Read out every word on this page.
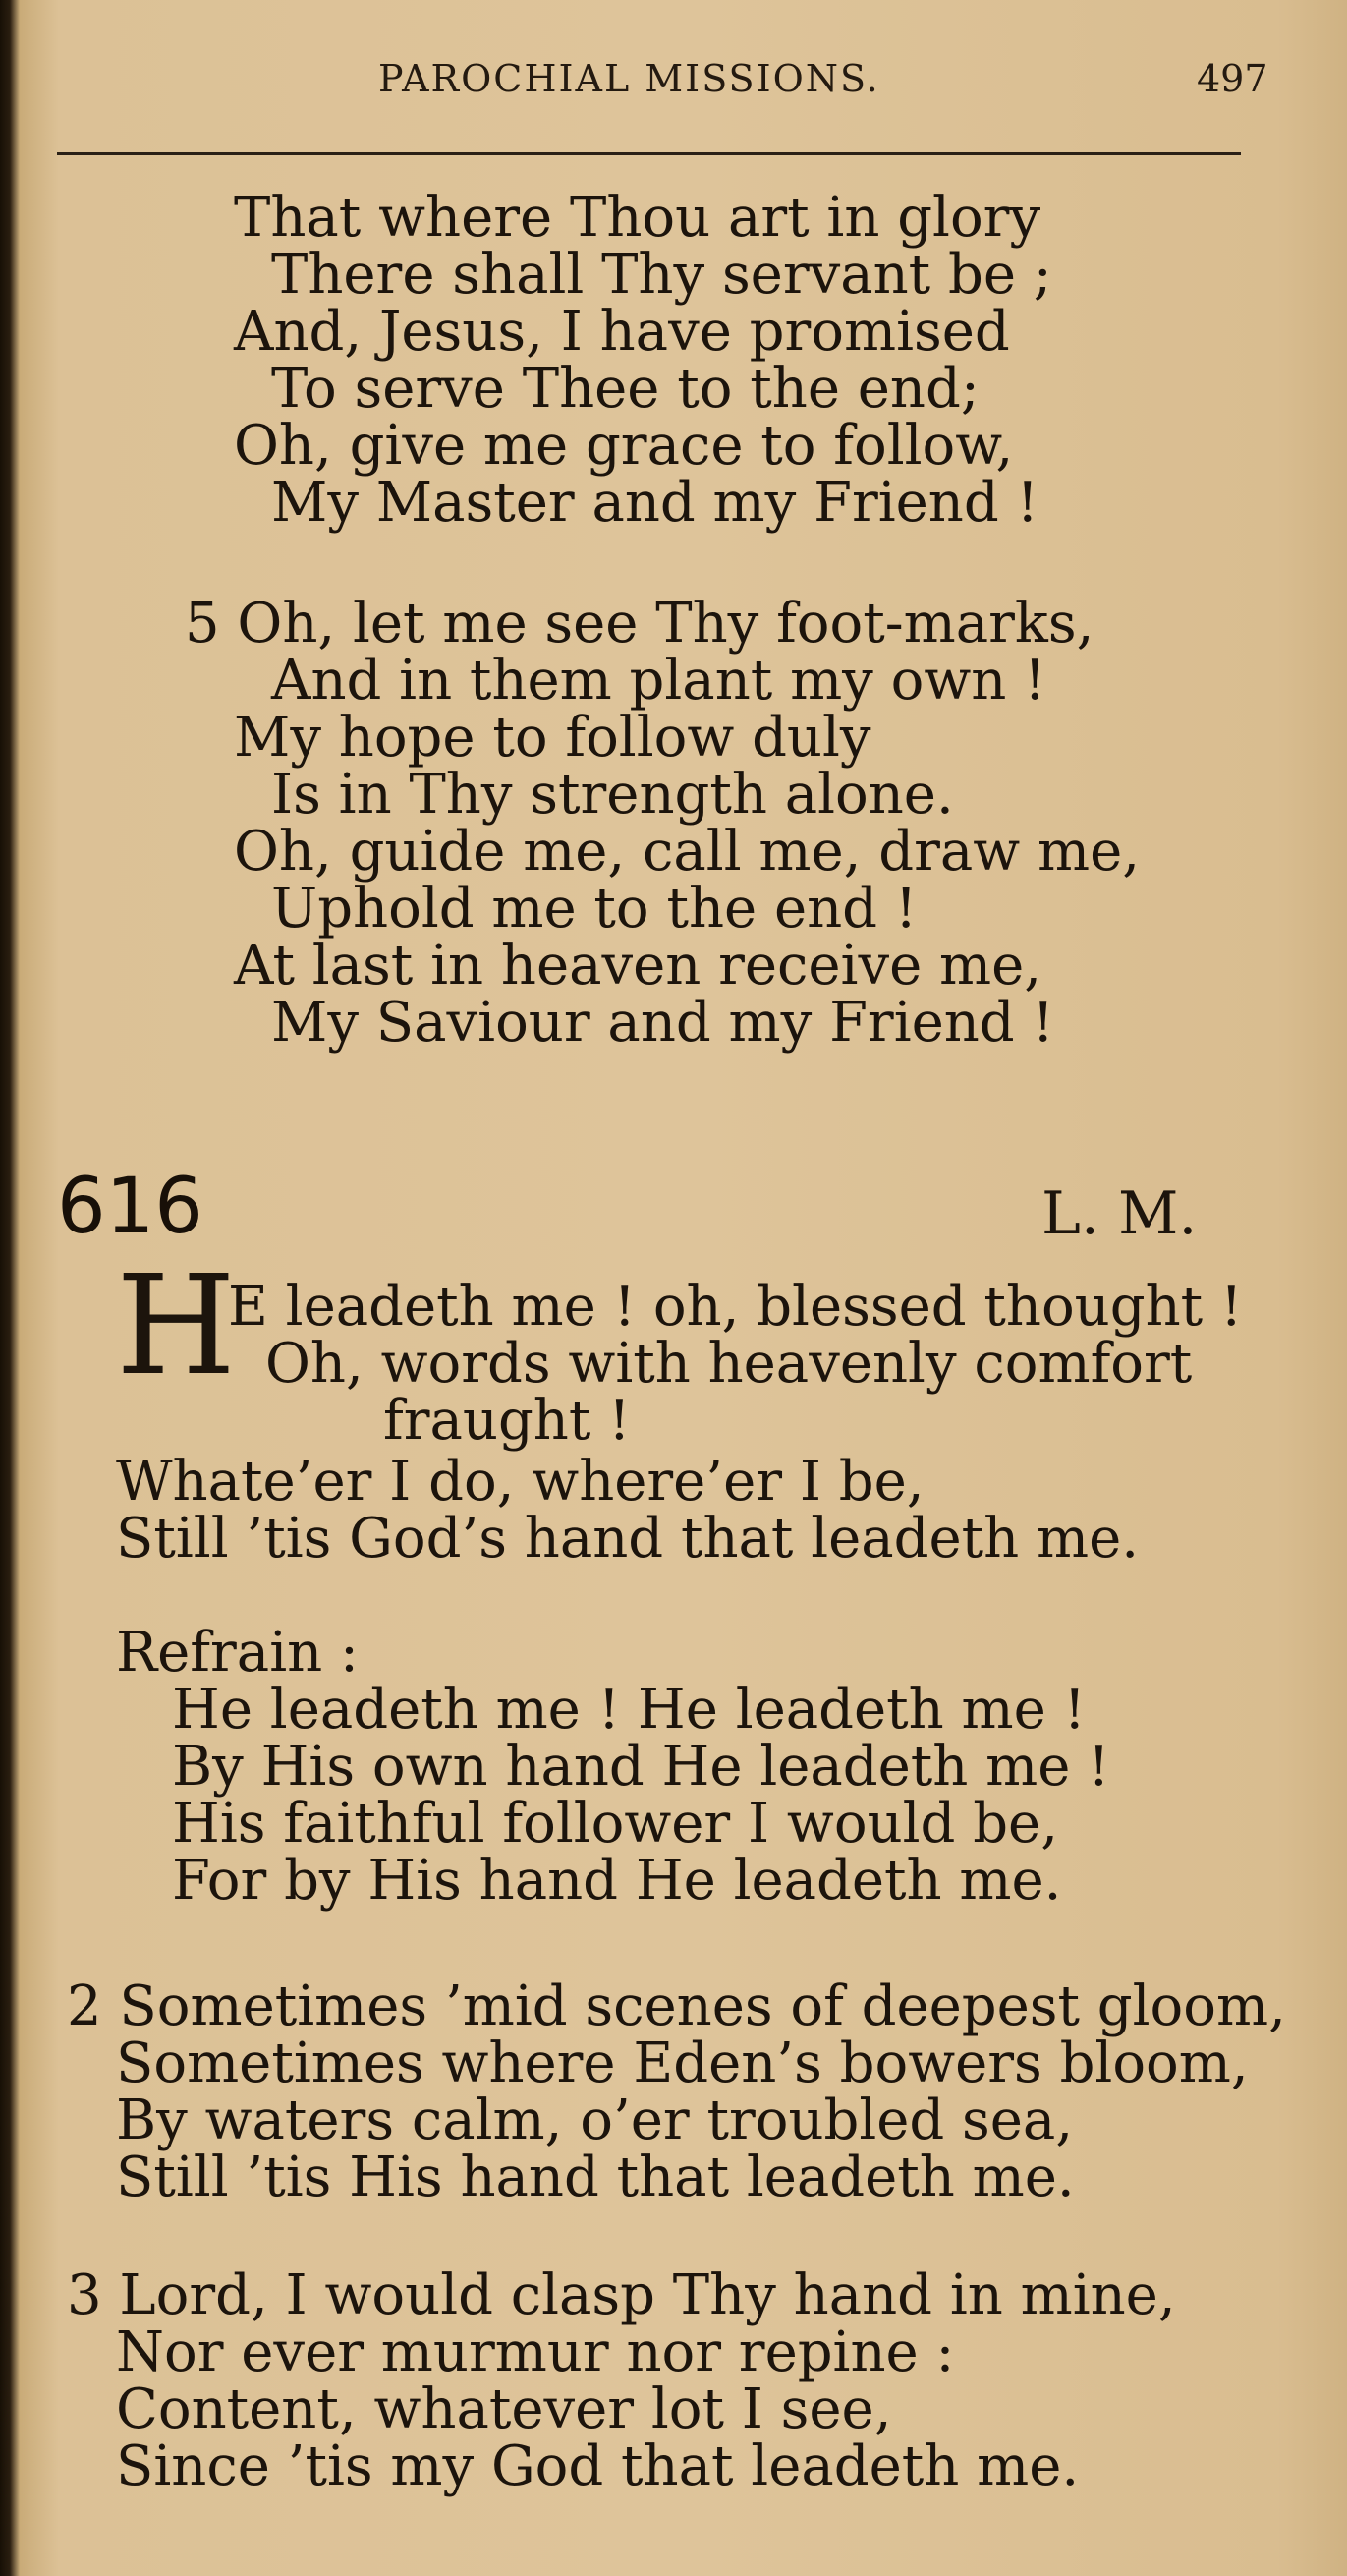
PAROCHIAL MISSIONS.	497
That where Thou art in glory
There shall Thy servant be ;
And, Jesus, I have promised
To serve Thee to the end;
Oh, give me grace to follow,
My Master and my Friend !
5 Oh, let me see Thy foot-marks,
And in them plant my own !
My hope to follow duly
Is in Thy strength alone.
Oh, guide me, call me, draw me,
Uphold me to the end !
At last in heaven receive me,
My Saviour and my Friend !
616	L. M.
H
E leadeth me ! oh, blessed thought !
Oh, words with heavenly comfort
fraught !
Whate’er I do, where’er I be,
Still ’tis God’s hand that leadeth me.
Refrain :
He leadeth me ! He leadeth me !
By His own hand He leadeth me !
His faithful follower I would be,
For by His hand He leadeth me.
2 Sometimes ’mid scenes of deepest gloom,
Sometimes where Eden’s bowers bloom,
By waters calm, o’er troubled sea,
Still ’tis His hand that leadeth me.
3 Lord, I would clasp Thy hand in mine,
Nor ever murmur nor repine :
Content, whatever lot I see,
Since ’tis my God that leadeth me.
